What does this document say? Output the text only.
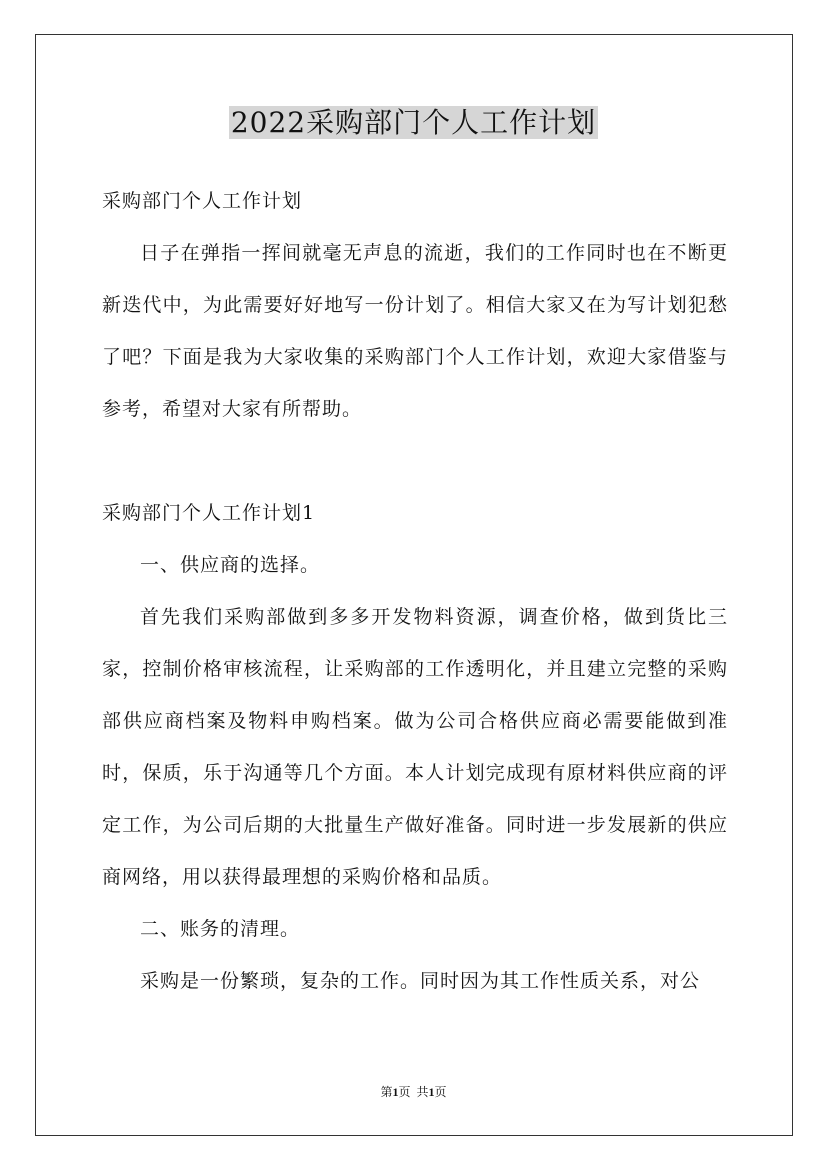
2022采购部门个人工作计划

采购部门个人工作计划

日子在弹指一挥间就毫无声息的流逝，我们的工作同时也在不断更新迭代中，为此需要好好地写一份计划了。相信大家又在为写计划犯愁了吧？下面是我为大家收集的采购部门个人工作计划，欢迎大家借鉴与参考，希望对大家有所帮助。

采购部门个人工作计划1

一、供应商的选择。

首先我们采购部做到多多开发物料资源，调查价格，做到货比三家，控制价格审核流程，让采购部的工作透明化，并且建立完整的采购部供应商档案及物料申购档案。做为公司合格供应商必需要能做到准时，保质，乐于沟通等几个方面。本人计划完成现有原材料供应商的评定工作，为公司后期的大批量生产做好准备。同时进一步发展新的供应商网络，用以获得最理想的采购价格和品质。

二、账务的清理。

采购是一份繁琐，复杂的工作。同时因为其工作性质关系，对公

第1页 共1页
